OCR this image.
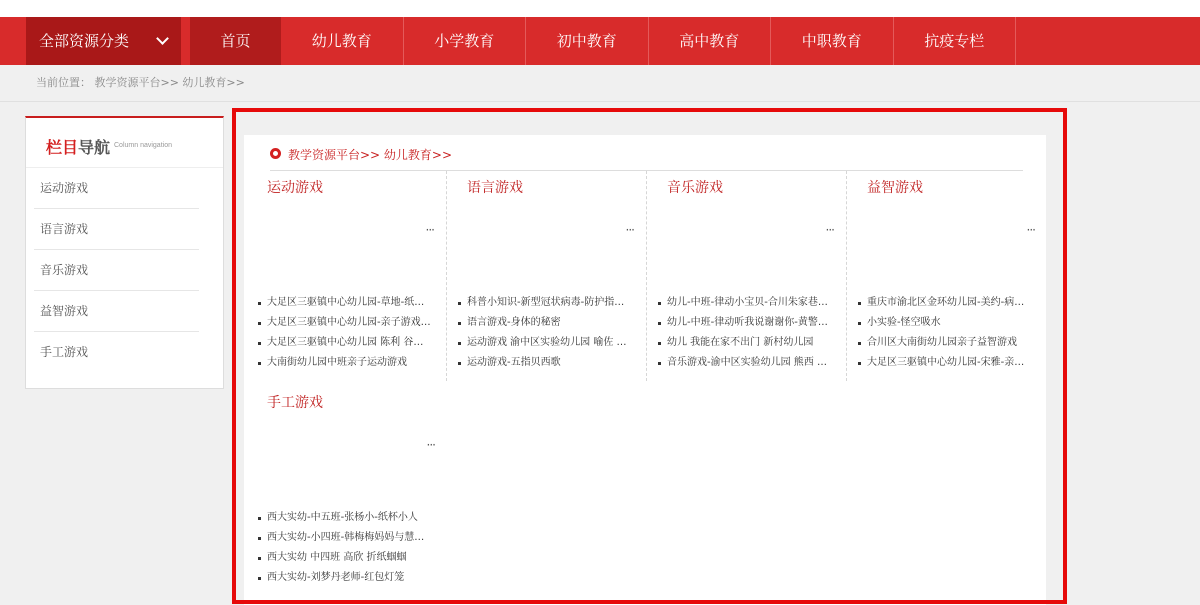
全部资源分类	首页	幼儿教育	小学教育	初中教育	高中教育	中职教育	抗疫专栏
当前位置： 教学资源平台>> 幼儿教育>>
栏目导航 Column navigation
运动游戏
语言游戏
音乐游戏
益智游戏
手工游戏
教学资源平台>> 幼儿教育>>
运动游戏
···
大足区三驱镇中心幼儿园-草地-纸…
大足区三驱镇中心幼儿园-亲子游戏…
大足区三驱镇中心幼儿园 陈利 谷…
大南街幼儿园中班亲子运动游戏
语言游戏
···
科普小知识-新型冠状病毒-防护指…
语言游戏-身体的秘密
运动游戏 渝中区实验幼儿园 喻佐 …
运动游戏-五指贝西歌
音乐游戏
···
幼儿-中班-律动小宝贝-合川朱家巷…
幼儿-中班-律动听我说谢谢你-黄警…
幼儿 我能在家不出门 新村幼儿园
音乐游戏-渝中区实验幼儿园 熊西 …
益智游戏
···
重庆市渝北区金环幼儿园-美约-病…
小实验-怪空吸水
合川区大南街幼儿园亲子益智游戏
大足区三驱镇中心幼儿园-宋雅-亲…
手工游戏
···
西大实幼-中五班-张杨小-纸杯小人
西大实幼-小四班-韩梅梅妈妈与慧…
西大实幼 中四班 高欣 折纸蝈蝈
西大实幼-刘梦丹老师-红包灯笼
